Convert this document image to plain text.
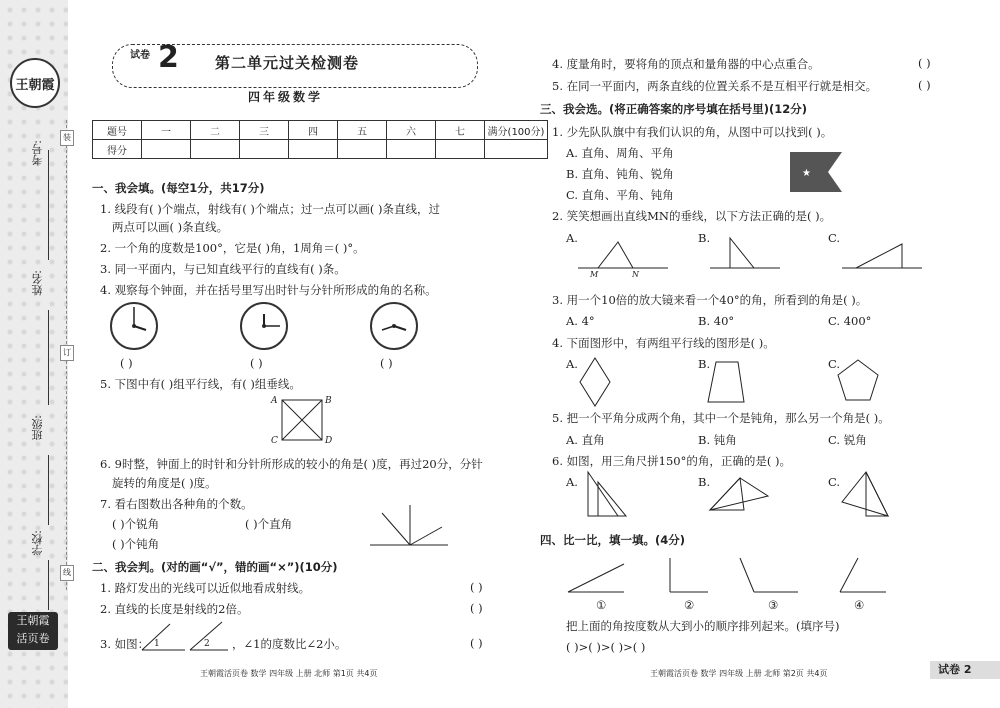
王朝霞
考号:
姓名:
班级:
学校:
王朝霞
活页卷
装
订
线
试卷 2 第二单元过关检测卷
四年级数学
题号	一	二	三	四	五	六	七	满分(100分)
得分								
一、我会填。(每空1分，共17分)
1. 线段有( )个端点，射线有( )个端点；过一点可以画( )条直线，过
两点可以画( )条直线。
2. 一个角的度数是100°，它是( )角，1周角＝( )°。
3. 同一平面内，与已知直线平行的直线有( )条。
4. 观察每个钟面，并在括号里写出时针与分针所形成的角的名称。
( )	( )	( )
5. 下图中有( )组平行线，有( )组垂线。
A	B
C	D
6. 9时整，钟面上的时针和分针所形成的较小的角是( )度，再过20分，分针
旋转的角度是( )度。
7. 看右图数出各种角的个数。
( )个锐角	( )个直角
( )个钝角
二、我会判。(对的画“√”，错的画“×”)(10分)
1. 路灯发出的光线可以近似地看成射线。	( )
2. 直线的长度是射线的2倍。	( )
3. 如图： 1	2 ，∠1的度数比∠2小。	( )
王朝霞活页卷 数学 四年级 上册 北师 第1页 共4页
4. 度量角时，要将角的顶点和量角器的中心点重合。	( )
5. 在同一平面内，两条直线的位置关系不是互相平行就是相交。	( )
三、我会选。(将正确答案的序号填在括号里)(12分)
1. 少先队队旗中有我们认识的角，从图中可以找到( )。
A. 直角、周角、平角
B. 直角、钝角、锐角
C. 直角、平角、钝角
★
2. 笑笑想画出直线MN的垂线，以下方法正确的是( )。
A.	B.	C.
M	N
3. 用一个10倍的放大镜来看一个40°的角，所看到的角是( )。
A. 4°	B. 40°	C. 400°
4. 下面图形中，有两组平行线的图形是( )。
A.	B.	C.
5. 把一个平角分成两个角，其中一个是钝角，那么另一个角是( )。
A. 直角	B. 钝角	C. 锐角
6. 如图，用三角尺拼150°的角，正确的是( )。
A.	B.	C.
四、比一比，填一填。(4分)
①	②	③	④
把上面的角按度数从大到小的顺序排列起来。(填序号)
( )>( )>( )>( )
王朝霞活页卷 数学 四年级 上册 北师 第2页 共4页	试卷 2
